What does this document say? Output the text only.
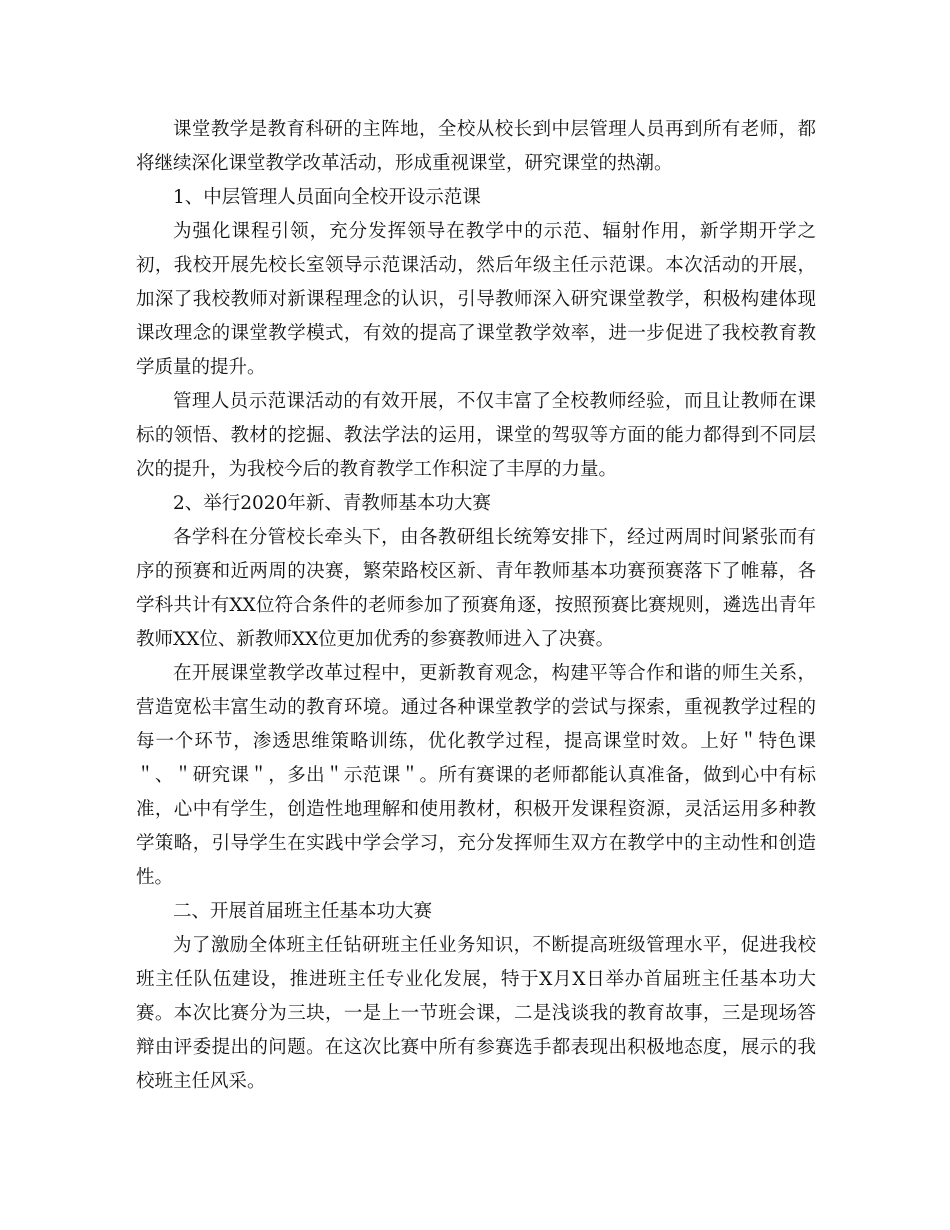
课堂教学是教育科研的主阵地，全校从校长到中层管理人员再到所有老师，都将继续深化课堂教学改革活动，形成重视课堂，研究课堂的热潮。

1、中层管理人员面向全校开设示范课

为强化课程引领，充分发挥领导在教学中的示范、辐射作用，新学期开学之初，我校开展先校长室领导示范课活动，然后年级主任示范课。本次活动的开展，加深了我校教师对新课程理念的认识，引导教师深入研究课堂教学，积极构建体现课改理念的课堂教学模式，有效的提高了课堂教学效率，进一步促进了我校教育教学质量的提升。

管理人员示范课活动的有效开展，不仅丰富了全校教师经验，而且让教师在课标的领悟、教材的挖掘、教法学法的运用，课堂的驾驭等方面的能力都得到不同层次的提升，为我校今后的教育教学工作积淀了丰厚的力量。

2、举行2020年新、青教师基本功大赛

各学科在分管校长牵头下，由各教研组长统筹安排下，经过两周时间紧张而有序的预赛和近两周的决赛，繁荣路校区新、青年教师基本功赛预赛落下了帷幕，各学科共计有XX位符合条件的老师参加了预赛角逐，按照预赛比赛规则，遴选出青年教师XX位、新教师XX位更加优秀的参赛教师进入了决赛。

在开展课堂教学改革过程中，更新教育观念，构建平等合作和谐的师生关系，营造宽松丰富生动的教育环境。通过各种课堂教学的尝试与探索，重视教学过程的每一个环节，渗透思维策略训练，优化教学过程，提高课堂时效。上好＂特色课＂、＂研究课＂，多出＂示范课＂。所有赛课的老师都能认真准备，做到心中有标准，心中有学生，创造性地理解和使用教材，积极开发课程资源，灵活运用多种教学策略，引导学生在实践中学会学习，充分发挥师生双方在教学中的主动性和创造性。

二、开展首届班主任基本功大赛

为了激励全体班主任钻研班主任业务知识，不断提高班级管理水平，促进我校班主任队伍建设，推进班主任专业化发展，特于X月X日举办首届班主任基本功大赛。本次比赛分为三块，一是上一节班会课，二是浅谈我的教育故事，三是现场答辩由评委提出的问题。在这次比赛中所有参赛选手都表现出积极地态度，展示的我校班主任风采。
